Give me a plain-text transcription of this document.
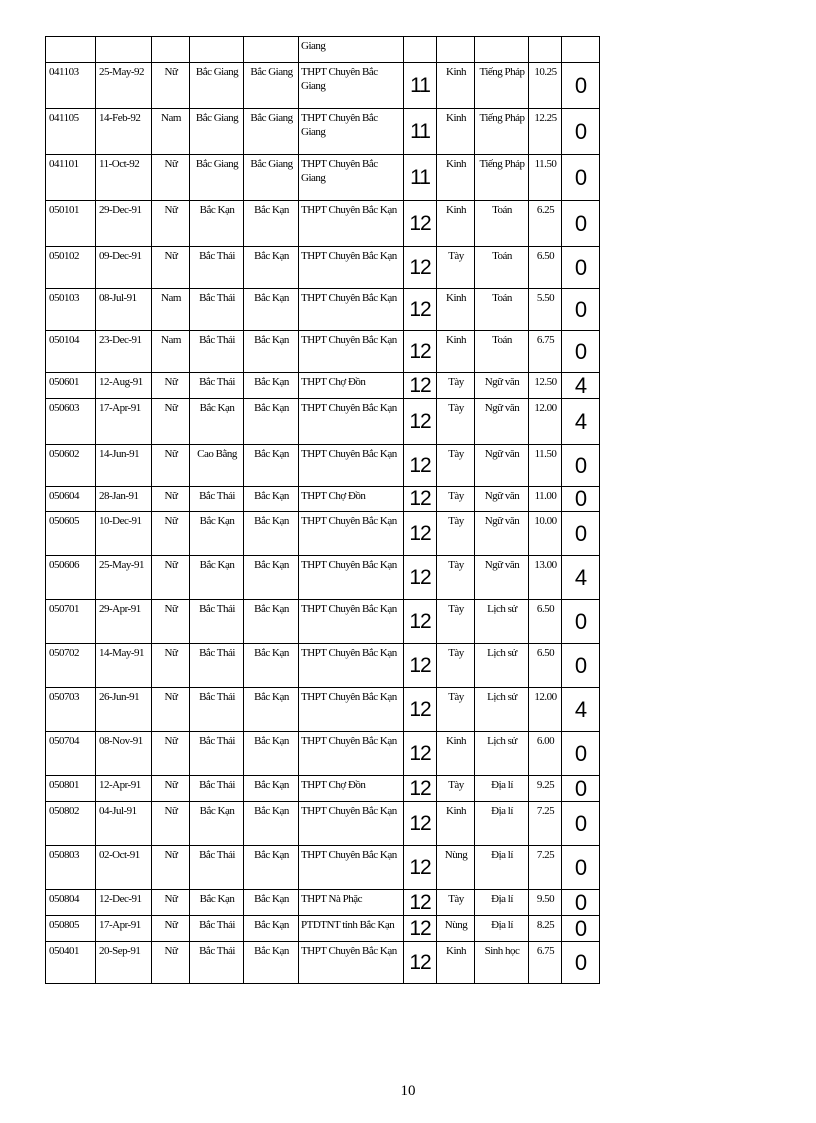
					Giang					
041103	25-May-92	Nữ	Bắc Giang	Bắc Giang	THPT Chuyên Bắc Giang	11	Kinh	Tiếng Pháp	10.25	0
041105	14-Feb-92	Nam	Bắc Giang	Bắc Giang	THPT Chuyên Bắc Giang	11	Kinh	Tiếng Pháp	12.25	0
041101	11-Oct-92	Nữ	Bắc Giang	Bắc Giang	THPT Chuyên Bắc Giang	11	Kinh	Tiếng Pháp	11.50	0
050101	29-Dec-91	Nữ	Bắc Kạn	Bắc Kạn	THPT Chuyên Bắc Kạn	12	Kinh	Toán	6.25	0
050102	09-Dec-91	Nữ	Bắc Thái	Bắc Kạn	THPT Chuyên Bắc Kạn	12	Tày	Toán	6.50	0
050103	08-Jul-91	Nam	Bắc Thái	Bắc Kạn	THPT Chuyên Bắc Kạn	12	Kinh	Toán	5.50	0
050104	23-Dec-91	Nam	Bắc Thái	Bắc Kạn	THPT Chuyên Bắc Kạn	12	Kinh	Toán	6.75	0
050601	12-Aug-91	Nữ	Bắc Thái	Bắc Kạn	THPT Chợ Đồn	12	Tày	Ngữ văn	12.50	4
050603	17-Apr-91	Nữ	Bắc Kạn	Bắc Kạn	THPT Chuyên Bắc Kạn	12	Tày	Ngữ văn	12.00	4
050602	14-Jun-91	Nữ	Cao Bằng	Bắc Kạn	THPT Chuyên Bắc Kạn	12	Tày	Ngữ văn	11.50	0
050604	28-Jan-91	Nữ	Bắc Thái	Bắc Kạn	THPT Chợ Đồn	12	Tày	Ngữ văn	11.00	0
050605	10-Dec-91	Nữ	Bắc Kạn	Bắc Kạn	THPT Chuyên Bắc Kạn	12	Tày	Ngữ văn	10.00	0
050606	25-May-91	Nữ	Bắc Kạn	Bắc Kạn	THPT Chuyên Bắc Kạn	12	Tày	Ngữ văn	13.00	4
050701	29-Apr-91	Nữ	Bắc Thái	Bắc Kạn	THPT Chuyên Bắc Kạn	12	Tày	Lịch sử	6.50	0
050702	14-May-91	Nữ	Bắc Thái	Bắc Kạn	THPT Chuyên Bắc Kạn	12	Tày	Lịch sử	6.50	0
050703	26-Jun-91	Nữ	Bắc Thái	Bắc Kạn	THPT Chuyên Bắc Kạn	12	Tày	Lịch sử	12.00	4
050704	08-Nov-91	Nữ	Bắc Thái	Bắc Kạn	THPT Chuyên Bắc Kạn	12	Kinh	Lịch sử	6.00	0
050801	12-Apr-91	Nữ	Bắc Thái	Bắc Kạn	THPT Chợ Đồn	12	Tày	Địa lí	9.25	0
050802	04-Jul-91	Nữ	Bắc Kạn	Bắc Kạn	THPT Chuyên Bắc Kạn	12	Kinh	Địa lí	7.25	0
050803	02-Oct-91	Nữ	Bắc Thái	Bắc Kạn	THPT Chuyên Bắc Kạn	12	Nùng	Địa lí	7.25	0
050804	12-Dec-91	Nữ	Bắc Kạn	Bắc Kạn	THPT Nà Phặc	12	Tày	Địa lí	9.50	0
050805	17-Apr-91	Nữ	Bắc Thái	Bắc Kạn	PTDTNT tỉnh Bắc Kạn	12	Nùng	Địa lí	8.25	0
050401	20-Sep-91	Nữ	Bắc Thái	Bắc Kạn	THPT Chuyên Bắc Kạn	12	Kinh	Sinh học	6.75	0
10
